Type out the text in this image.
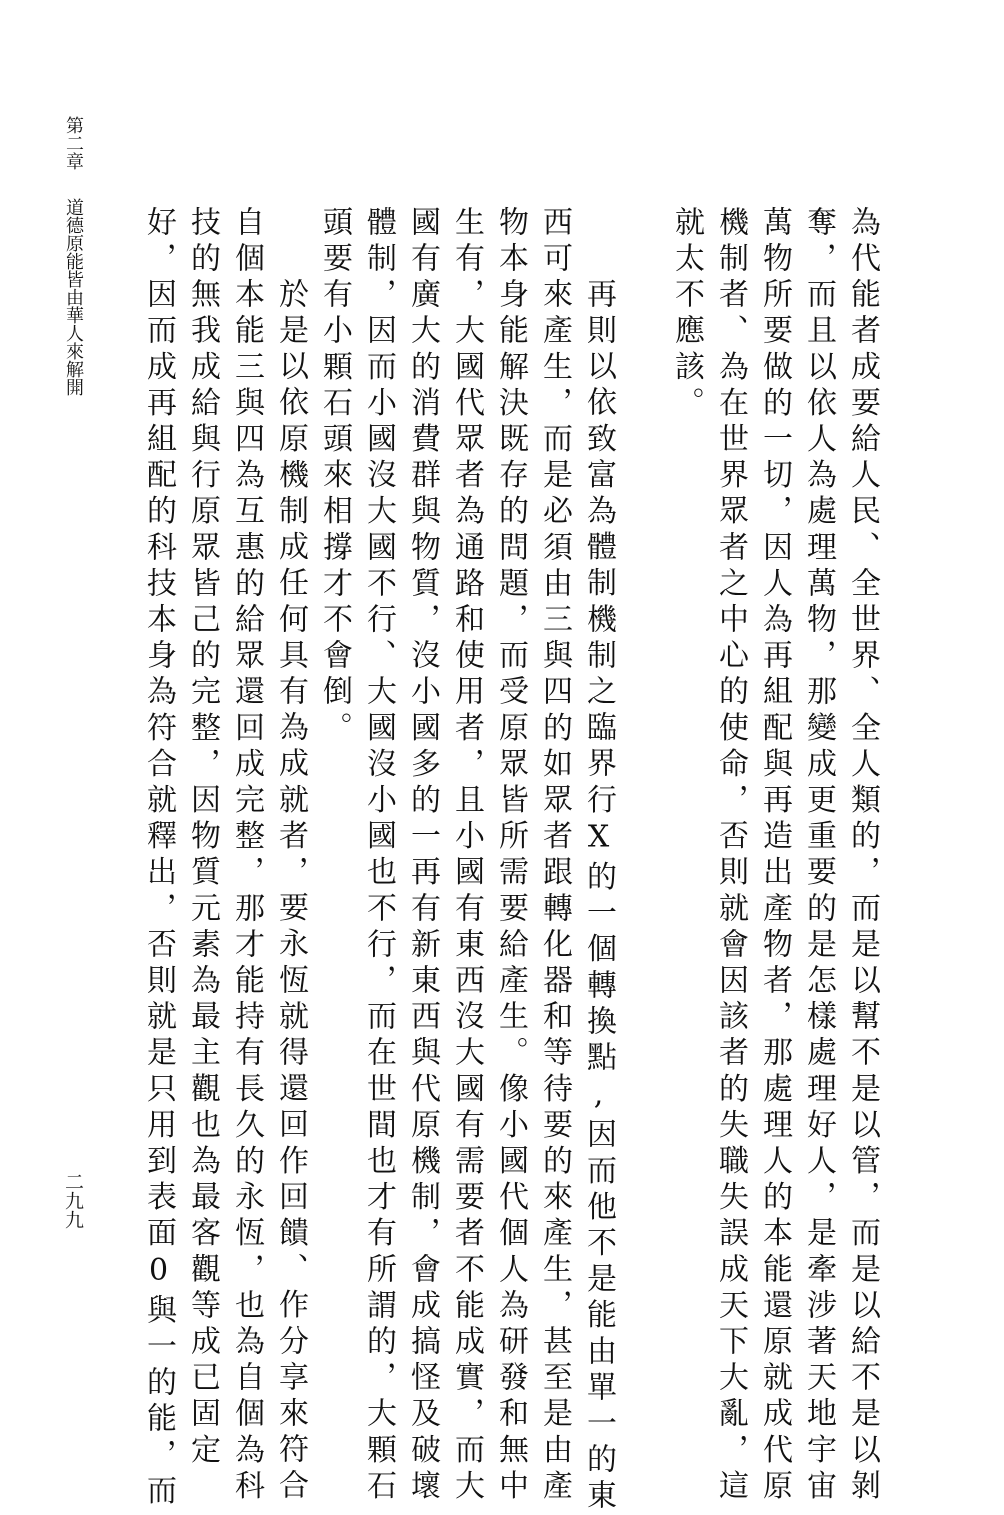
第二章道德原能皆由華人來解開
二九九	為代能者成要給人民、全世界、全人類的，而是以幫不是以管，而是以給不是以剝
奪，而且以依人為處理萬物，那變成更重要的是怎樣處理好人，是牽涉著天地宇宙
萬物所要做的一切，因人為再組配與再造出產物者，那處理人的本能還原就成代原
機制者、為在世界眾者之中心的使命，否則就會因該者的失職失誤成天下大亂，這
就太不應該。
再則以依致富為體制機制之臨界行X的一個轉換點,因而他不是能由單一的東
西可來產生，而是必須由三與四的如眾者跟轉化器和等待要的來產生，甚至是由產
物本身能解決既存的問題，而受原眾皆所需要給產生。像小國代個人為研發和無中
生有，大國代眾者為通路和使用者，且小國有東西沒大國有需要者不能成實，而大
國有廣大的消費群與物質，沒小國多的一再有新東西與代原機制，會成搞怪及破壞
體制，因而小國沒大國不行、大國沒小國也不行，而在世間也才有所謂的，大顆石
頭要有小顆石頭來相撐才不會倒。
於是以依原機制成任何具有為成就者，要永恆就得還回作回饋、作分享來符合
自個本能三與四為互惠的給眾還回成完整，那才能持有長久的永恆，也為自個為科
技的無我成給與行原眾皆己的完整，因物質元素為最主觀也為最客觀等成已固定
好，因而成再組配的科技本身為符合就釋出，否則就是只用到表面0與一的能，而
